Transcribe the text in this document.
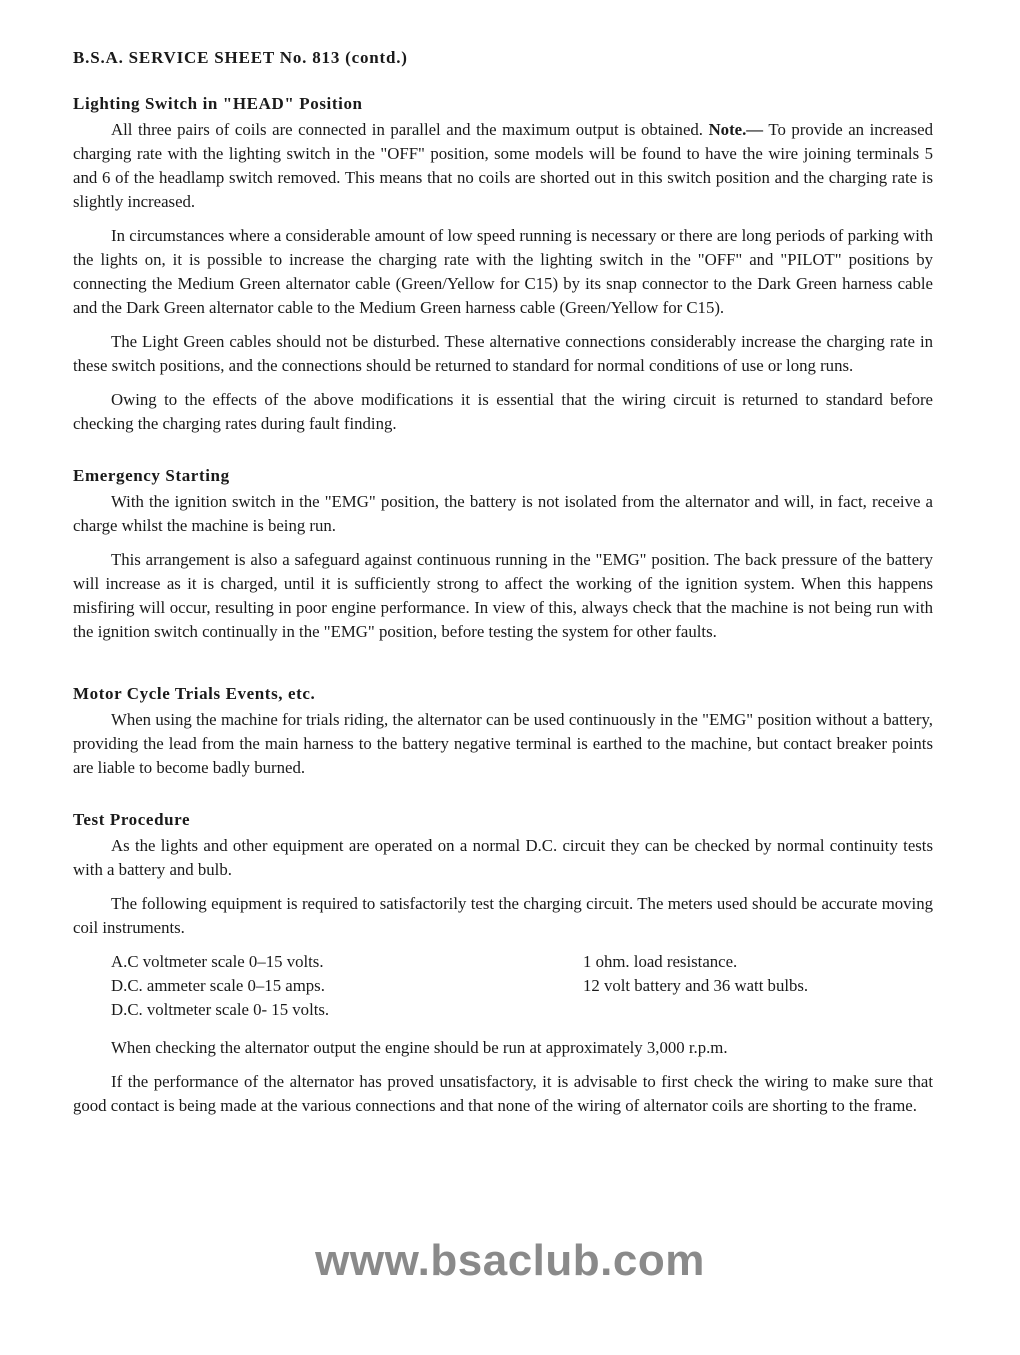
B.S.A. SERVICE SHEET No. 813 (contd.)
Lighting Switch in "HEAD" Position

All three pairs of coils are connected in parallel and the maximum output is obtained. Note.— To provide an increased charging rate with the lighting switch in the "OFF" position, some models will be found to have the wire joining terminals 5 and 6 of the headlamp switch removed. This means that no coils are shorted out in this switch position and the charging rate is slightly increased.

In circumstances where a considerable amount of low speed running is necessary or there are long periods of parking with the lights on, it is possible to increase the charging rate with the lighting switch in the "OFF" and "PILOT" positions by connecting the Medium Green alternator cable (Green/Yellow for C15) by its snap connector to the Dark Green harness cable and the Dark Green alternator cable to the Medium Green harness cable (Green/Yellow for C15).

The Light Green cables should not be disturbed. These alternative connections considerably increase the charging rate in these switch positions, and the connections should be returned to standard for normal conditions of use or long runs.

Owing to the effects of the above modifications it is essential that the wiring circuit is returned to standard before checking the charging rates during fault finding.

Emergency Starting

With the ignition switch in the "EMG" position, the battery is not isolated from the alternator and will, in fact, receive a charge whilst the machine is being run.

This arrangement is also a safeguard against continuous running in the "EMG" position. The back pressure of the battery will increase as it is charged, until it is sufficiently strong to affect the working of the ignition system. When this happens misfiring will occur, resulting in poor engine performance. In view of this, always check that the machine is not being run with the ignition switch continually in the "EMG" position, before testing the system for other faults.

Motor Cycle Trials Events, etc.

When using the machine for trials riding, the alternator can be used continuously in the "EMG" position without a battery, providing the lead from the main harness to the battery negative terminal is earthed to the machine, but contact breaker points are liable to become badly burned.

Test Procedure

As the lights and other equipment are operated on a normal D.C. circuit they can be checked by normal continuity tests with a battery and bulb.

The following equipment is required to satisfactorily test the charging circuit. The meters used should be accurate moving coil instruments.

A.C voltmeter scale 0–15 volts.
D.C. ammeter scale 0–15 amps.
D.C. voltmeter scale 0- 15 volts.
1 ohm. load resistance.
12 volt battery and 36 watt bulbs.

When checking the alternator output the engine should be run at approximately 3,000 r.p.m.

If the performance of the alternator has proved unsatisfactory, it is advisable to first check the wiring to make sure that good contact is being made at the various connections and that none of the wiring of alternator coils are shorting to the frame.

www.bsaclub.com
